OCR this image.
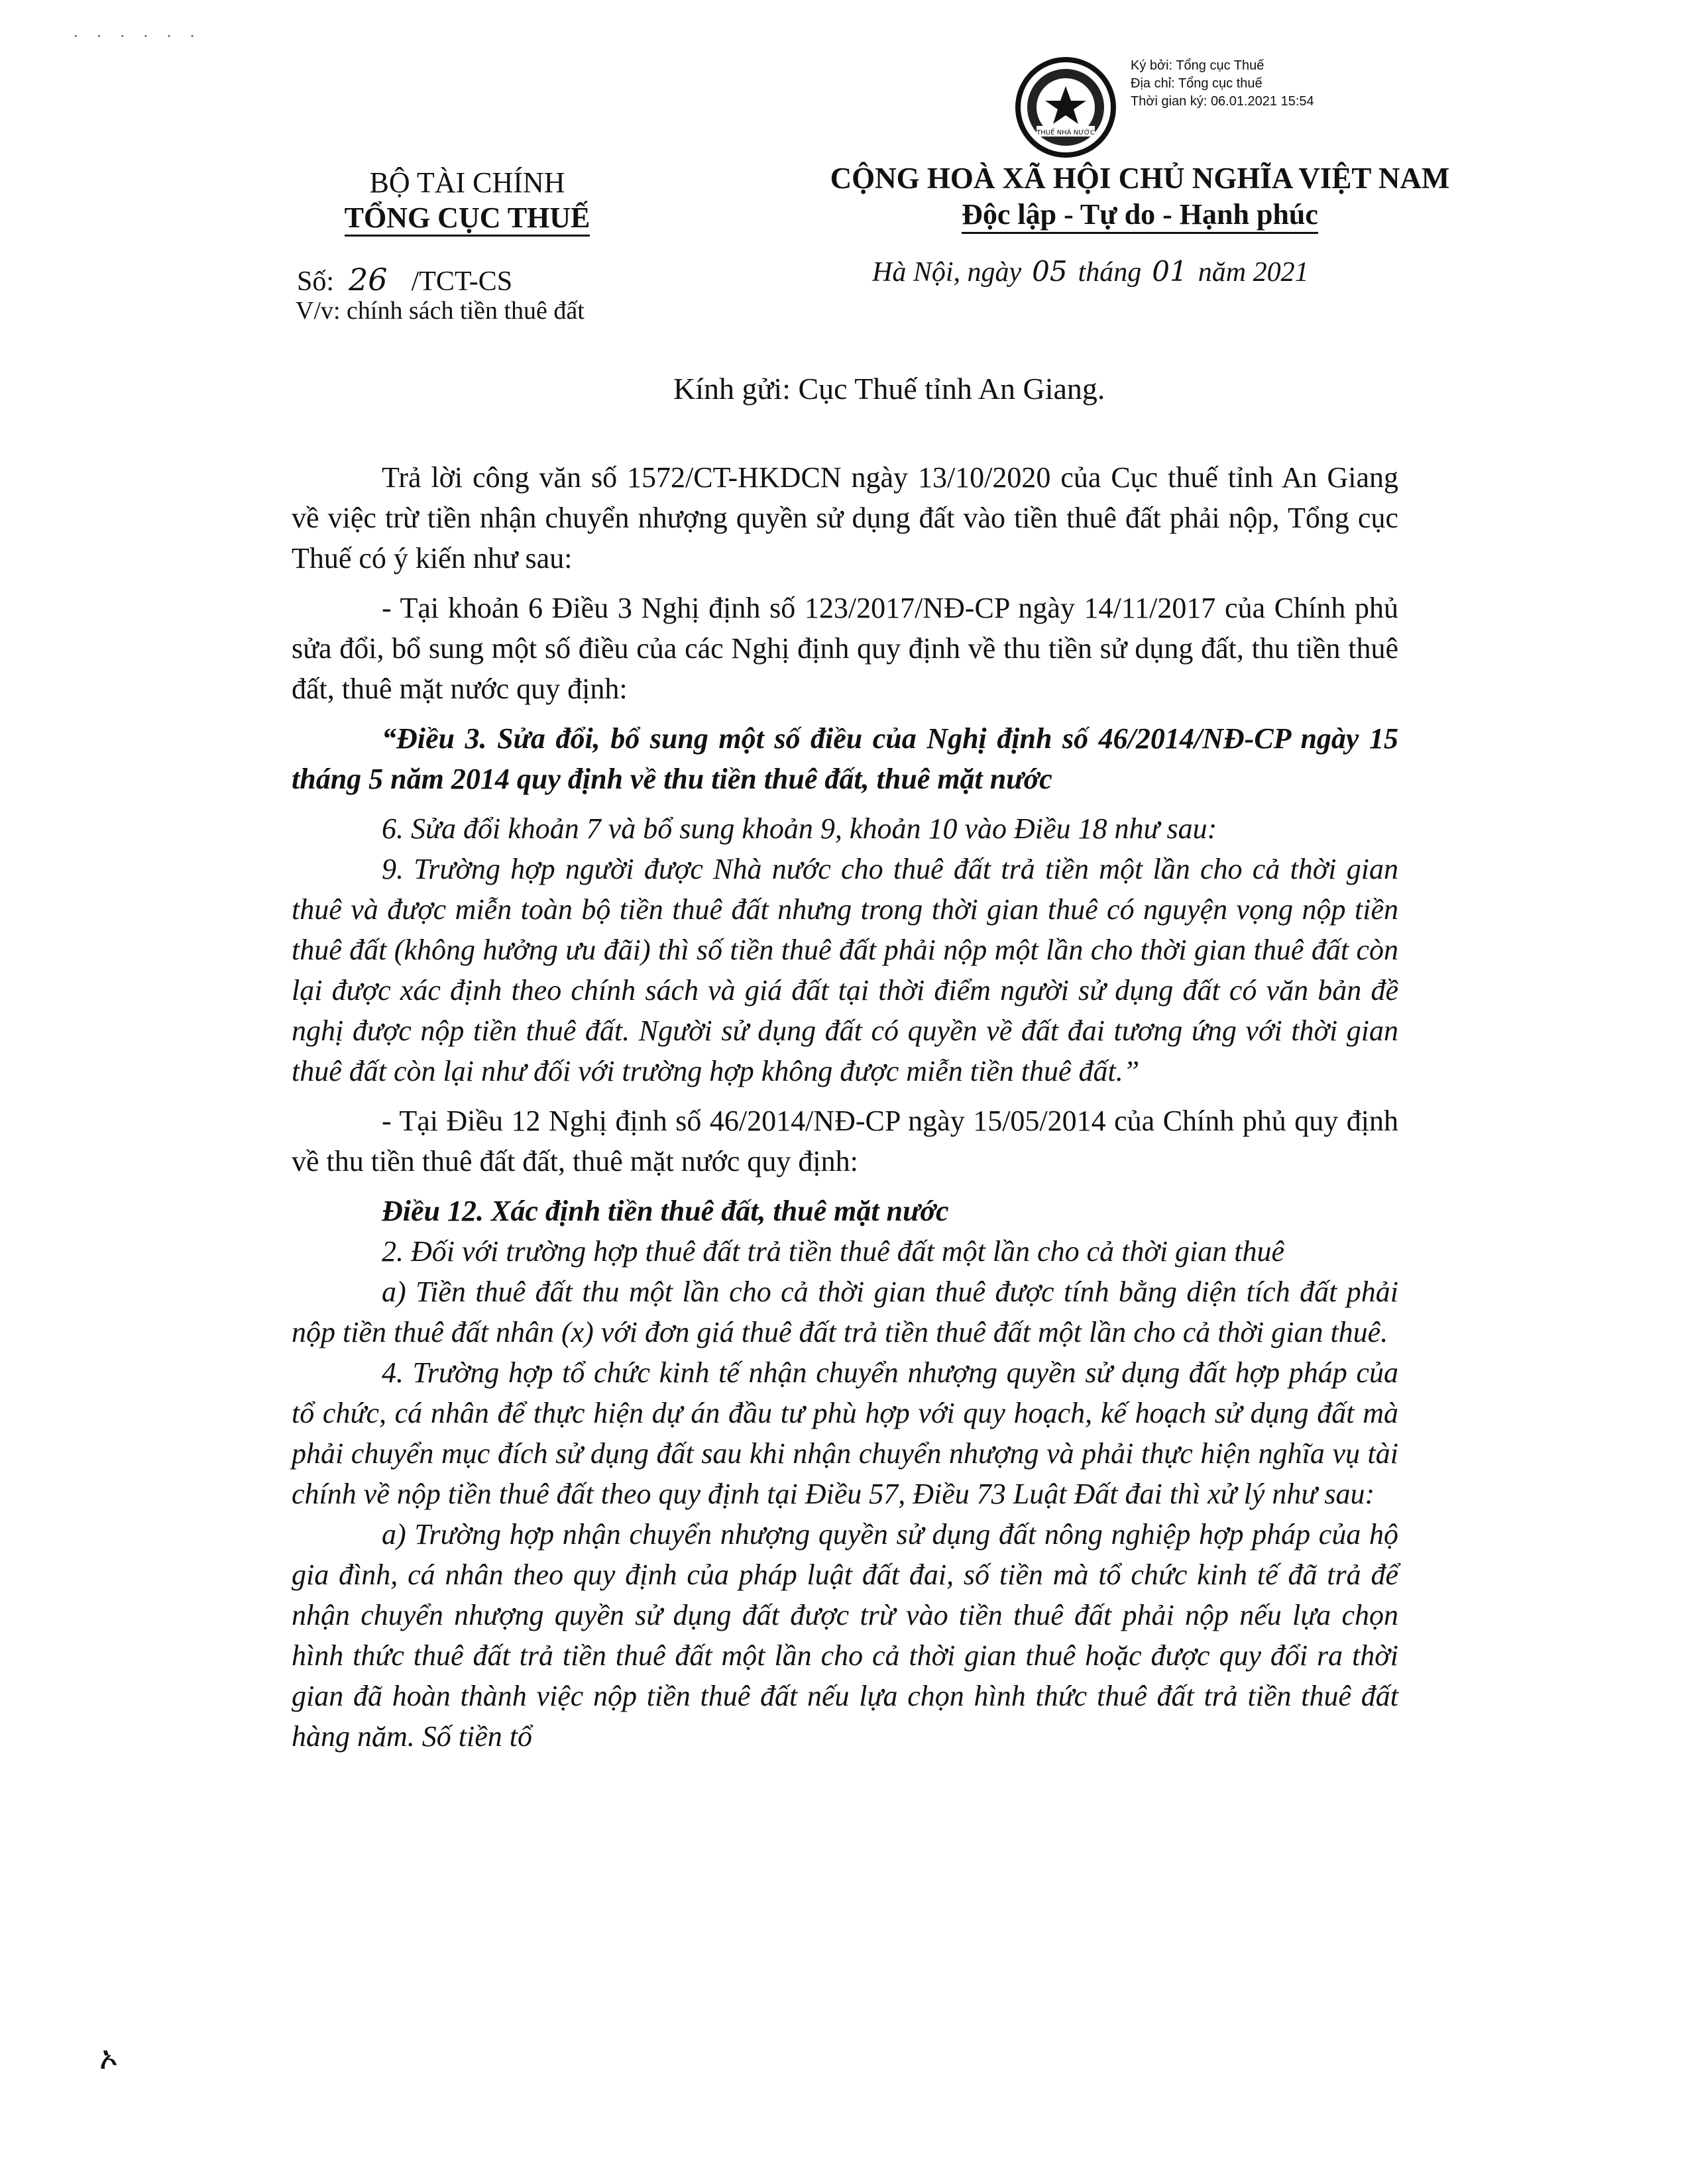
· · · · · ·
THUẾ NHÀ NƯỚC
Ký bởi: Tổng cục Thuế
Địa chỉ: Tổng cục thuế
Thời gian ký: 06.01.2021 15:54
BỘ TÀI CHÍNH
TỔNG CỤC THUẾ
Số: 26 /TCT-CS
V/v: chính sách tiền thuê đất
CỘNG HOÀ XÃ HỘI CHỦ NGHĨA VIỆT NAM
Độc lập - Tự do - Hạnh phúc
Hà Nội, ngày 05 tháng 01 năm 2021
Kính gửi: Cục Thuế tỉnh An Giang.

Trả lời công văn số 1572/CT-HKDCN ngày 13/10/2020 của Cục thuế tỉnh An Giang về việc trừ tiền nhận chuyển nhượng quyền sử dụng đất vào tiền thuê đất phải nộp, Tổng cục Thuế có ý kiến như sau:

- Tại khoản 6 Điều 3 Nghị định số 123/2017/NĐ-CP ngày 14/11/2017 của Chính phủ sửa đổi, bổ sung một số điều của các Nghị định quy định về thu tiền sử dụng đất, thu tiền thuê đất, thuê mặt nước quy định:

“Điều 3. Sửa đổi, bổ sung một số điều của Nghị định số 46/2014/NĐ-CP ngày 15 tháng 5 năm 2014 quy định về thu tiền thuê đất, thuê mặt nước

6. Sửa đổi khoản 7 và bổ sung khoản 9, khoản 10 vào Điều 18 như sau:

9. Trường hợp người được Nhà nước cho thuê đất trả tiền một lần cho cả thời gian thuê và được miễn toàn bộ tiền thuê đất nhưng trong thời gian thuê có nguyện vọng nộp tiền thuê đất (không hưởng ưu đãi) thì số tiền thuê đất phải nộp một lần cho thời gian thuê đất còn lại được xác định theo chính sách và giá đất tại thời điểm người sử dụng đất có văn bản đề nghị được nộp tiền thuê đất. Người sử dụng đất có quyền về đất đai tương ứng với thời gian thuê đất còn lại như đối với trường hợp không được miễn tiền thuê đất.”

- Tại Điều 12 Nghị định số 46/2014/NĐ-CP ngày 15/05/2014 của Chính phủ quy định về thu tiền thuê đất đất, thuê mặt nước quy định:

Điều 12. Xác định tiền thuê đất, thuê mặt nước

2. Đối với trường hợp thuê đất trả tiền thuê đất một lần cho cả thời gian thuê

a) Tiền thuê đất thu một lần cho cả thời gian thuê được tính bằng diện tích đất phải nộp tiền thuê đất nhân (x) với đơn giá thuê đất trả tiền thuê đất một lần cho cả thời gian thuê.

4. Trường hợp tổ chức kinh tế nhận chuyển nhượng quyền sử dụng đất hợp pháp của tổ chức, cá nhân để thực hiện dự án đầu tư phù hợp với quy hoạch, kế hoạch sử dụng đất mà phải chuyển mục đích sử dụng đất sau khi nhận chuyển nhượng và phải thực hiện nghĩa vụ tài chính về nộp tiền thuê đất theo quy định tại Điều 57, Điều 73 Luật Đất đai thì xử lý như sau:

a) Trường hợp nhận chuyển nhượng quyền sử dụng đất nông nghiệp hợp pháp của hộ gia đình, cá nhân theo quy định của pháp luật đất đai, số tiền mà tổ chức kinh tế đã trả để nhận chuyển nhượng quyền sử dụng đất được trừ vào tiền thuê đất phải nộp nếu lựa chọn hình thức thuê đất trả tiền thuê đất một lần cho cả thời gian thuê hoặc được quy đổi ra thời gian đã hoàn thành việc nộp tiền thuê đất nếu lựa chọn hình thức thuê đất trả tiền thuê đất hàng năm. Số tiền tổ

ኦ
